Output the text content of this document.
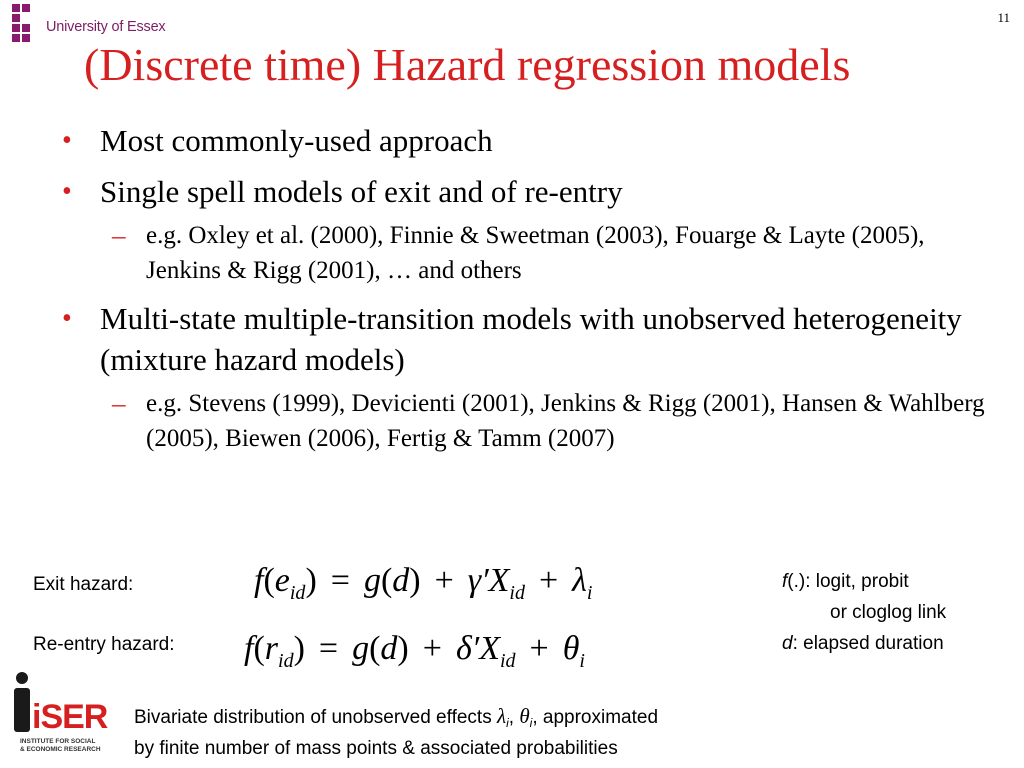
University of Essex
11
(Discrete time) Hazard regression models
• Most commonly-used approach
• Single spell models of exit and of re-entry
– e.g. Oxley et al. (2000), Finnie & Sweetman (2003), Fouarge & Layte (2005), Jenkins & Rigg (2001), … and others
• Multi-state multiple-transition models with unobserved heterogeneity (mixture hazard models)
– e.g. Stevens (1999), Devicienti (2001), Jenkins & Rigg (2001), Hansen & Wahlberg (2005), Biewen (2006), Fertig & Tamm (2007)
Exit hazard:
Re-entry hazard:
$f(e_{id}) = g(d) + \gamma'X_{id} + \lambda_i$
$f(r_{id}) = g(d) + \delta'X_{id} + \theta_i$
f(.): logit, probit
or cloglog link
d: elapsed duration
iSER
INSTITUTE FOR SOCIAL
& ECONOMIC RESEARCH
Bivariate distribution of unobserved effects $\lambda_i$, $\theta_i$, approximated
by finite number of mass points & associated probabilities
